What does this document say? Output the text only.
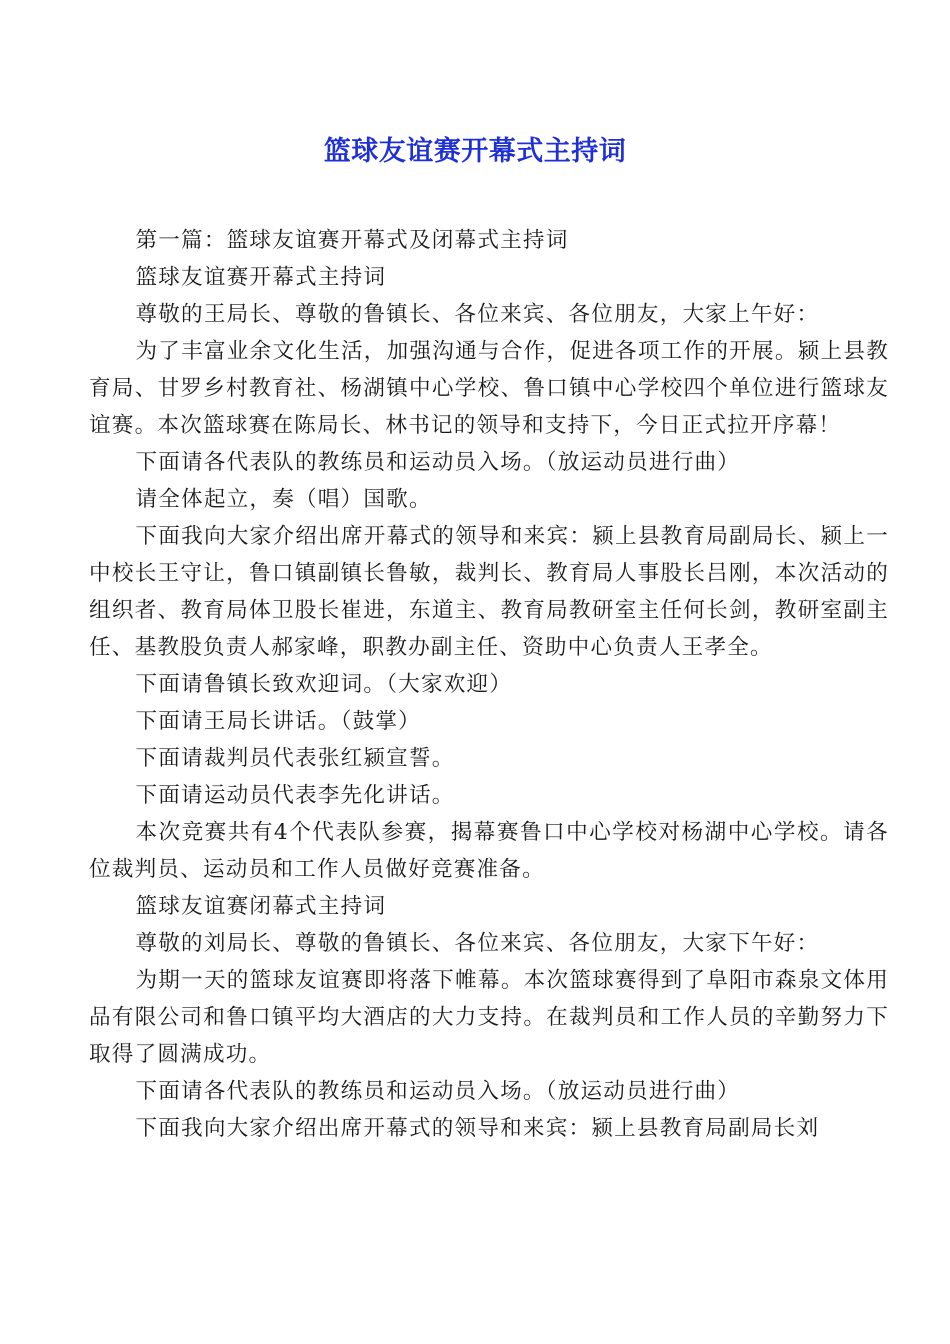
篮球友谊赛开幕式主持词

第一篇：篮球友谊赛开幕式及闭幕式主持词

篮球友谊赛开幕式主持词

尊敬的王局长、尊敬的鲁镇长、各位来宾、各位朋友，大家上午好：

为了丰富业余文化生活，加强沟通与合作，促进各项工作的开展。颍上县教育局、甘罗乡村教育社、杨湖镇中心学校、鲁口镇中心学校四个单位进行篮球友谊赛。本次篮球赛在陈局长、林书记的领导和支持下，今日正式拉开序幕！

下面请各代表队的教练员和运动员入场。（放运动员进行曲）

请全体起立，奏（唱）国歌。

下面我向大家介绍出席开幕式的领导和来宾：颍上县教育局副局长、颍上一中校长王守让，鲁口镇副镇长鲁敏，裁判长、教育局人事股长吕刚，本次活动的组织者、教育局体卫股长崔进，东道主、教育局教研室主任何长剑，教研室副主任、基教股负责人郝家峰，职教办副主任、资助中心负责人王孝全。

下面请鲁镇长致欢迎词。（大家欢迎）

下面请王局长讲话。（鼓掌）

下面请裁判员代表张红颍宣誓。

下面请运动员代表李先化讲话。

本次竞赛共有4个代表队参赛，揭幕赛鲁口中心学校对杨湖中心学校。请各位裁判员、运动员和工作人员做好竞赛准备。

篮球友谊赛闭幕式主持词

尊敬的刘局长、尊敬的鲁镇长、各位来宾、各位朋友，大家下午好：

为期一天的篮球友谊赛即将落下帷幕。本次篮球赛得到了阜阳市森泉文体用品有限公司和鲁口镇平均大酒店的大力支持。在裁判员和工作人员的辛勤努力下取得了圆满成功。

下面请各代表队的教练员和运动员入场。（放运动员进行曲）

下面我向大家介绍出席开幕式的领导和来宾：颍上县教育局副局长刘
